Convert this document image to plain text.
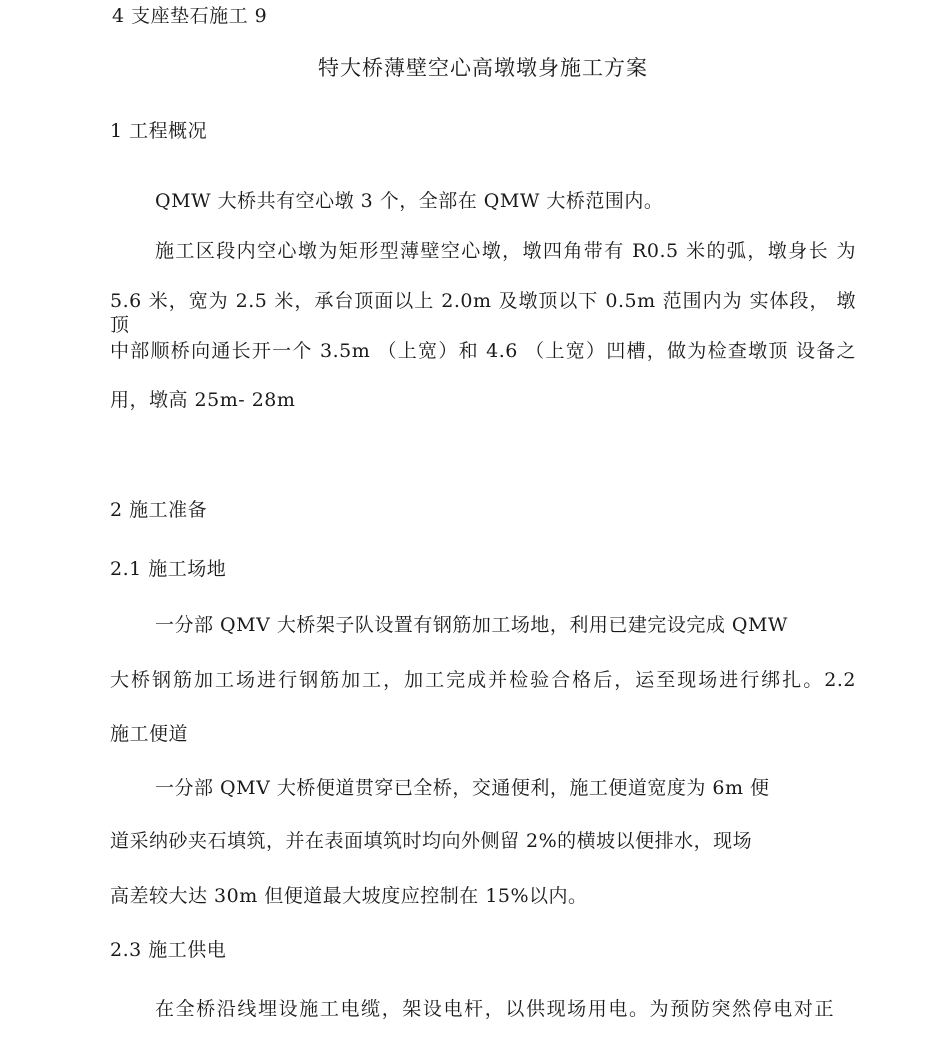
4 支座垫石施工 9
特大桥薄壁空心高墩墩身施工方案
1 工程概况
QMW 大桥共有空心墩 3 个，全部在 QMW 大桥范围内。
施工区段内空心墩为矩形型薄壁空心墩，墩四角带有 R0.5 米的弧，墩身长 为
5.6 米，宽为 2.5 米，承台顶面以上 2.0m 及墩顶以下 0.5m 范围内为 实体段， 墩顶
中部顺桥向通长开一个 3.5m （上宽）和 4.6 （上宽）凹槽，做为检查墩顶 设备之
用，墩高 25m- 28m
2 施工准备
2.1 施工场地
一分部 QMV 大桥架子队设置有钢筋加工场地，利用已建完设完成 QMW
大桥钢筋加工场进行钢筋加工，加工完成并检验合格后，运至现场进行绑扎。2.2
施工便道
一分部 QMV 大桥便道贯穿已全桥，交通便利，施工便道宽度为 6m 便
道采纳砂夹石填筑，并在表面填筑时均向外侧留 2%的横坡以便排水，现场
高差较大达 30m 但便道最大坡度应控制在 15%以内。
2.3 施工供电
在全桥沿线埋设施工电缆，架设电杆，以供现场用电。为预防突然停电对正
